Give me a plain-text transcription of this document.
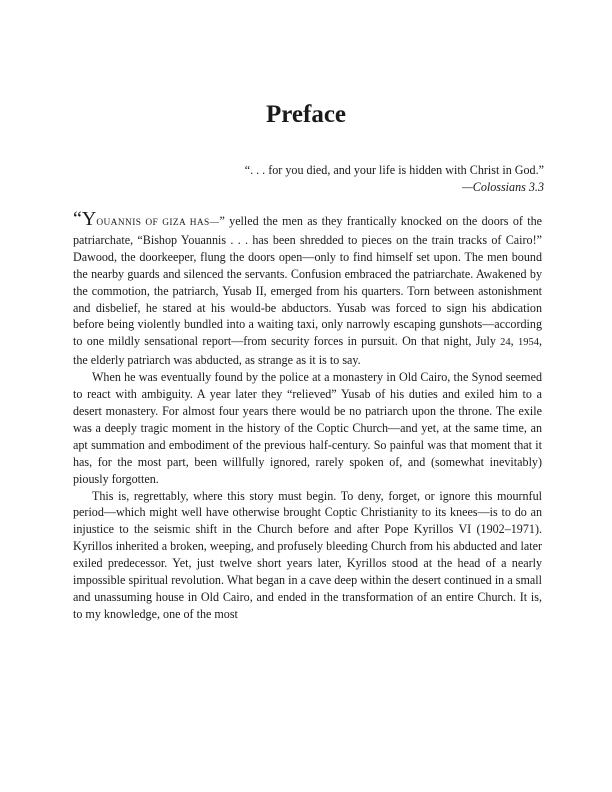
Preface
“. . . for you died, and your life is hidden with Christ in God.”
—Colossians 3.3

“YOUANNIS OF GIZA HAS—” yelled the men as they frantically knocked on the doors of the patriarchate, “Bishop Youannis . . . has been shredded to pieces on the train tracks of Cairo!” Dawood, the doorkeeper, flung the doors open—only to find himself set upon. The men bound the nearby guards and silenced the servants. Confusion embraced the patriarchate. Awakened by the commotion, the patriarch, Yusab II, emerged from his quarters. Torn between astonishment and disbelief, he stared at his would-be abductors. Yusab was forced to sign his abdication before being violently bundled into a waiting taxi, only narrowly escaping gunshots—according to one mildly sensational report—from security forces in pursuit. On that night, July 24, 1954, the elderly patriarch was abducted, as strange as it is to say.

When he was eventually found by the police at a monastery in Old Cairo, the Synod seemed to react with ambiguity. A year later they “relieved” Yusab of his duties and exiled him to a desert monastery. For almost four years there would be no patriarch upon the throne. The exile was a deeply tragic moment in the history of the Coptic Church—and yet, at the same time, an apt summation and embodiment of the previous half-century. So painful was that moment that it has, for the most part, been willfully ignored, rarely spoken of, and (somewhat inevitably) piously forgotten.

This is, regrettably, where this story must begin. To deny, forget, or ignore this mournful period—which might well have otherwise brought Coptic Christianity to its knees—is to do an injustice to the seismic shift in the Church before and after Pope Kyrillos VI (1902–1971). Kyrillos inherited a broken, weeping, and profusely bleeding Church from his abducted and later exiled predecessor. Yet, just twelve short years later, Kyrillos stood at the head of a nearly impossible spiritual revolution. What began in a cave deep within the desert continued in a small and unassuming house in Old Cairo, and ended in the transformation of an entire Church. It is, to my knowledge, one of the most
